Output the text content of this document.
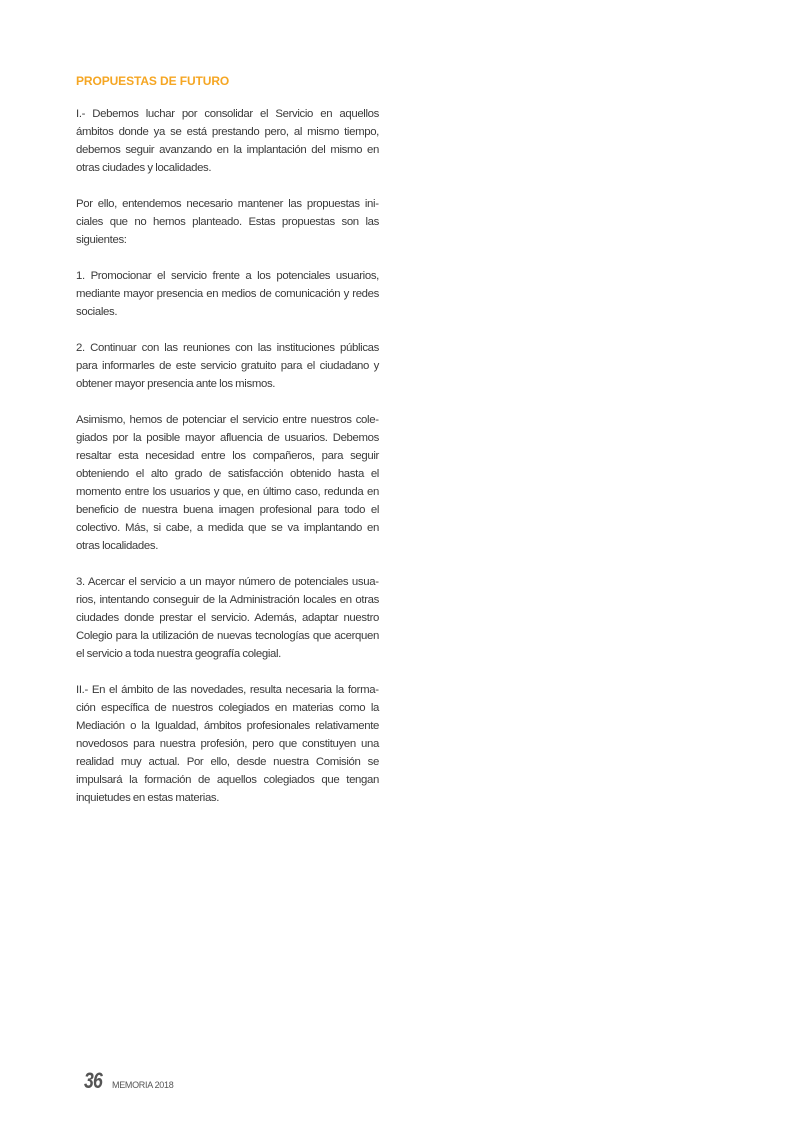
PROPUESTAS DE FUTURO

I.- Debemos luchar por consolidar el Servicio en aquellos ámbitos donde ya se está prestando pero, al mismo tiempo, debemos seguir avanzando en la implantación del mismo en otras ciudades y localidades.

Por ello, entendemos necesario mantener las propuestas iniciales que no hemos planteado. Estas propuestas son las siguientes:

1. Promocionar el servicio frente a los potenciales usuarios, mediante mayor presencia en medios de comunicación y redes sociales.

2. Continuar con las reuniones con las instituciones públicas para informarles de este servicio gratuito para el ciudadano y obtener mayor presencia ante los mismos.

Asimismo, hemos de potenciar el servicio entre nuestros colegiados por la posible mayor afluencia de usuarios. Debemos resaltar esta necesidad entre los compañeros, para seguir obteniendo el alto grado de satisfacción obtenido hasta el momento entre los usuarios y que, en último caso, redunda en beneficio de nuestra buena imagen profesional para todo el colectivo. Más, si cabe, a medida que se va implantando en otras localidades.

3. Acercar el servicio a un mayor número de potenciales usuarios, intentando conseguir de la Administración locales en otras ciudades donde prestar el servicio. Además, adaptar nuestro Colegio para la utilización de nuevas tecnologías que acerquen el servicio a toda nuestra geografía colegial.

II.- En el ámbito de las novedades, resulta necesaria la formación específica de nuestros colegiados en materias como la Mediación o la Igualdad, ámbitos profesionales relativamente novedosos para nuestra profesión, pero que constituyen una realidad muy actual. Por ello, desde nuestra Comisión se impulsará la formación de aquellos colegiados que tengan inquietudes en estas materias.

36 MEMORIA 2018
